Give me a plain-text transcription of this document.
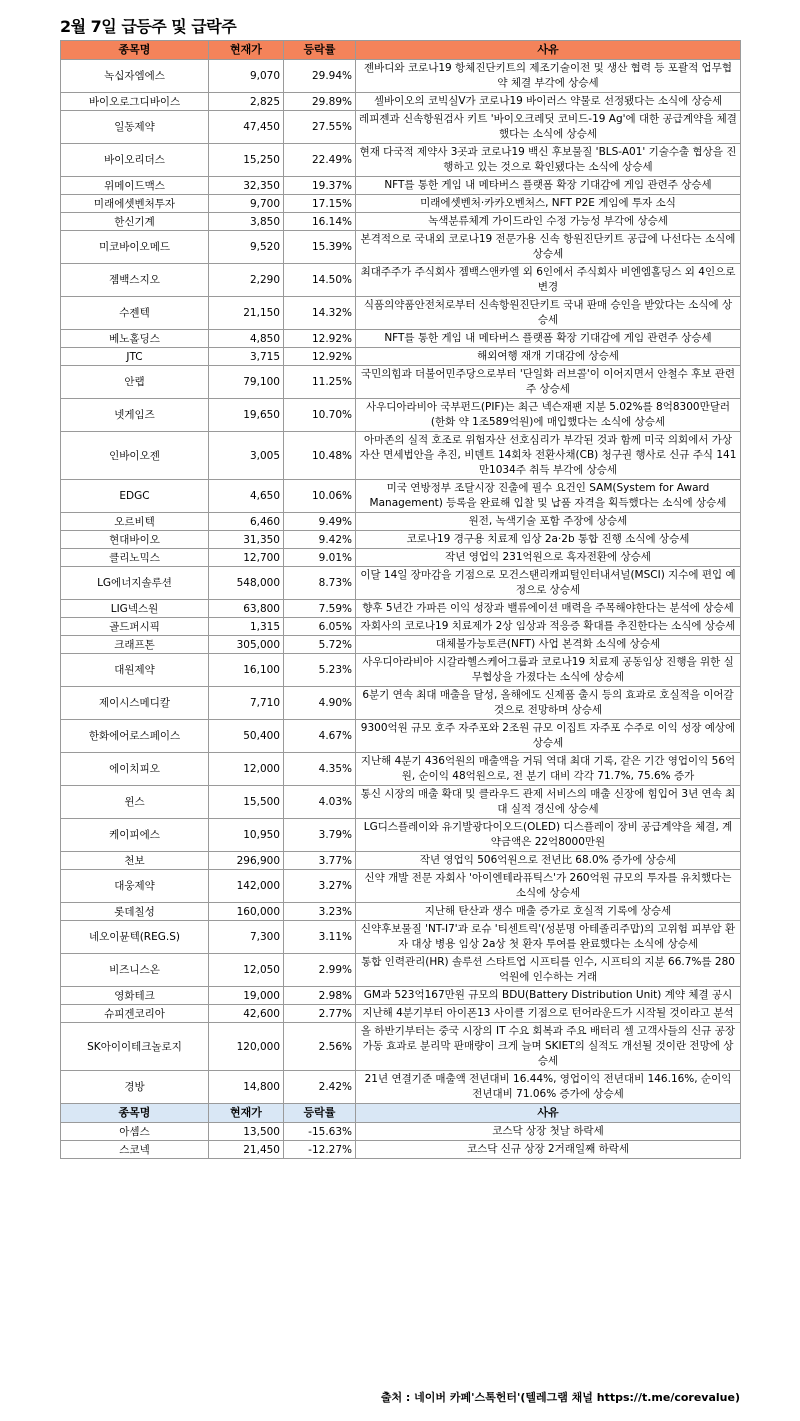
2월 7일 급등주 및 급락주
종목명	현재가	등락률	사유
녹십자엠에스	9,070	29.94%	젠바디와 코로나19 항체진단키트의 제조기술이전 및 생산 협력 등 포괄적 업무협약 체결 부각에 상승세
바이오로그디바이스	2,825	29.89%	셀바이오의 코빅실V가 코로나19 바이러스 약물로 선정됐다는 소식에 상승세
일동제약	47,450	27.55%	레피젠과 신속항원검사 키트 '바이오크레딧 코비드-19 Ag'에 대한 공급계약을 체결했다는 소식에 상승세
바이오리더스	15,250	22.49%	현재 다국적 제약사 3곳과 코로나19 백신 후보물질 'BLS-A01' 기술수출 협상을 진행하고 있는 것으로 확인됐다는 소식에 상승세
위메이드맥스	32,350	19.37%	NFT를 통한 게임 내 메타버스 플랫폼 확장 기대감에 게임 관련주 상승세
미래에셋벤처투자	9,700	17.15%	미래에셋벤처·카카오벤처스, NFT P2E 게임에 투자 소식
한신기계	3,850	16.14%	녹색분류체계 가이드라인 수정 가능성 부각에 상승세
미코바이오메드	9,520	15.39%	본격적으로 국내외 코로나19 전문가용 신속 항원진단키트 공급에 나선다는 소식에 상승세
젬백스지오	2,290	14.50%	최대주주가 주식회사 젬백스앤카엘 외 6인에서 주식회사 비엔엠홀딩스 외 4인으로 변경
수젠텍	21,150	14.32%	식품의약품안전처로부터 신속항원진단키트 국내 판매 승인을 받았다는 소식에 상승세
베노홀딩스	4,850	12.92%	NFT를 통한 게임 내 메타버스 플랫폼 확장 기대감에 게임 관련주 상승세
JTC	3,715	12.92%	해외여행 재개 기대감에 상승세
안랩	79,100	11.25%	국민의힘과 더불어민주당으로부터 '단일화 러브콜'이 이어지면서 안철수 후보 관련주 상승세
넷게임즈	19,650	10.70%	사우디아라비아 국부펀드(PIF)는 최근 넥슨재팬 지분 5.02%를 8억8300만달러(한화 약 1조589억원)에 매입했다는 소식에 상승세
인바이오젠	3,005	10.48%	아마존의 실적 호조로 위험자산 선호심리가 부각된 것과 함께 미국 의회에서 가상자산 면세법안을 추진, 비덴트 14회차 전환사채(CB) 청구권 행사로 신규 주식 141만1034주 취득 부각에 상승세
EDGC	4,650	10.06%	미국 연방정부 조달시장 진출에 필수 요건인 SAM(System for Award Management) 등록을 완료해 입찰 및 납품 자격을 획득했다는 소식에 상승세
오르비텍	6,460	9.49%	원전, 녹색기술 포함 주장에 상승세
현대바이오	31,350	9.42%	코로나19 경구용 치료제 임상 2a·2b 통합 진행 소식에 상승세
클리노믹스	12,700	9.01%	작년 영업익 231억원으로 흑자전환에 상승세
LG에너지솔루션	548,000	8.73%	이달 14일 장마감을 기점으로 모건스탠리캐피털인터내셔널(MSCI) 지수에 편입 예정으로 상승세
LIG넥스원	63,800	7.59%	향후 5년간 가파른 이익 성장과 밸류에이션 매력을 주목해야한다는 분석에 상승세
골드퍼시픽	1,315	6.05%	자회사의 코로나19 치료제가 2상 임상과 적응증 확대를 추진한다는 소식에 상승세
크래프톤	305,000	5.72%	대체불가능토큰(NFT) 사업 본격화 소식에 상승세
대원제약	16,100	5.23%	사우디아라비아 시갈라헬스케어그룹과 코로나19 치료제 공동임상 진행을 위한 실무협상을 가졌다는 소식에 상승세
제이시스메디칼	7,710	4.90%	6분기 연속 최대 매출을 달성, 올해에도 신제품 출시 등의 효과로 호실적을 이어갈 것으로 전망하며 상승세
한화에어로스페이스	50,400	4.67%	9300억원 규모 호주 자주포와 2조원 규모 이집트 자주포 수주로 이익 성장 예상에 상승세
에이치피오	12,000	4.35%	지난해 4분기 436억원의 매출액을 거둬 역대 최대 기록, 같은 기간 영업이익 56억원, 순이익 48억원으로, 전 분기 대비 각각 71.7%, 75.6% 증가
윈스	15,500	4.03%	통신 시장의 매출 확대 및 클라우드 관제 서비스의 매출 신장에 힘입어 3년 연속 최대 실적 경신에 상승세
케이피에스	10,950	3.79%	LG디스플레이와 유기발광다이오드(OLED) 디스플레이 장비 공급계약을 체결, 계약금액은 22억8000만원
천보	296,900	3.77%	작년 영업익 506억원으로 전년比 68.0% 증가에 상승세
대웅제약	142,000	3.27%	신약 개발 전문 자회사 '아이엔테라퓨틱스'가 260억원 규모의 투자를 유치했다는 소식에 상승세
롯데칠성	160,000	3.23%	지난해 탄산과 생수 매출 증가로 호실적 기록에 상승세
네오이뮨텍(REG.S)	7,300	3.11%	신약후보물질 'NT-I7'과 로슈 '티센트릭'(성분명 아테졸리주맙)의 고위험 피부암 환자 대상 병용 임상 2a상 첫 환자 투여를 완료했다는 소식에 상승세
비즈니스온	12,050	2.99%	통합 인력관리(HR) 솔루션 스타트업 시프티를 인수, 시프티의 지분 66.7%를 280억원에 인수하는 거래
영화테크	19,000	2.98%	GM과 523억167만원 규모의 BDU(Battery Distribution Unit) 계약 체결 공시
슈피겐코리아	42,600	2.77%	지난해 4분기부터 아이폰13 사이클 기점으로 턴어라운드가 시작될 것이라고 분석
SK아이이테크놀로지	120,000	2.56%	올 하반기부터는 중국 시장의 IT 수요 회복과 주요 배터리 셀 고객사들의 신규 공장 가동 효과로 분리막 판매량이 크게 늘며 SKIET의 실적도 개선될 것이란 전망에 상승세
경방	14,800	2.42%	21년 연결기준 매출액 전년대비 16.44%, 영업이익 전년대비 146.16%, 순이익 전년대비 71.06% 증가에 상승세
종목명	현재가	등락률	사유
아셈스	13,500	-15.63%	코스닥 상장 첫날 하락세
스코넥	21,450	-12.27%	코스닥 신규 상장 2거래일째 하락세
출처 : 네이버 카페'스톡헌터'(텔레그램 채널 https://t.me/corevalue)
